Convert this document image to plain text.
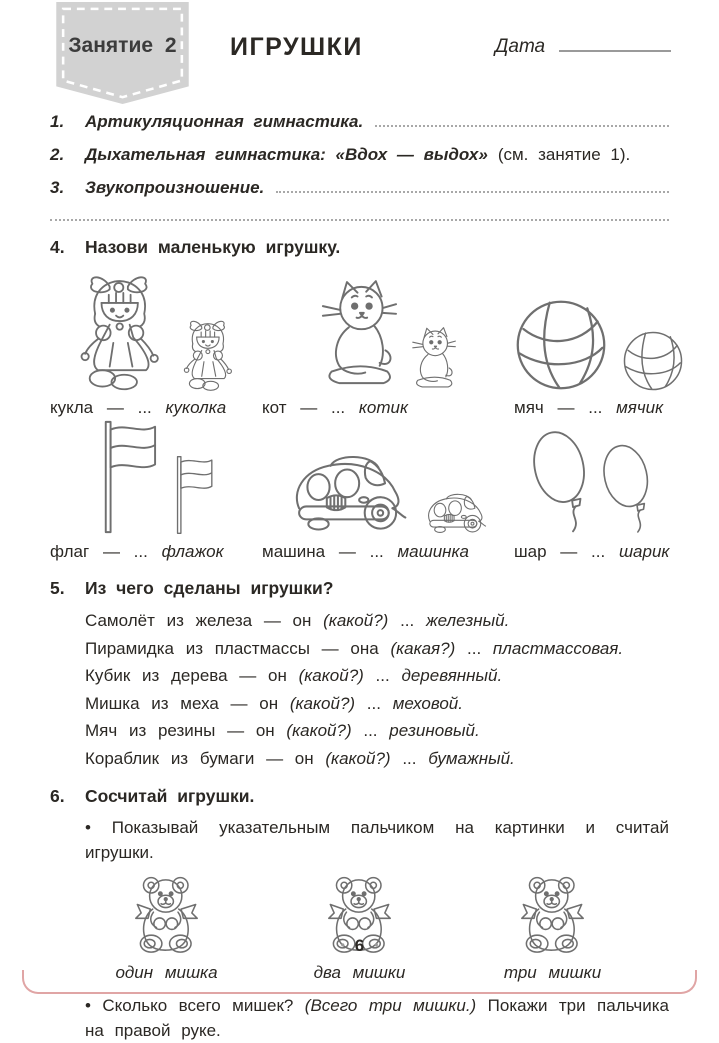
Занятие 2	ИГРУШКИ	Дата
1.	Артикуляционная гимнастика.
2.	Дыхательная гимнастика: «Вдох — выдох» (см. занятие 1).
3.	Звукопроизношение.
4.	Назови маленькую игрушку.
кукла — ... куколка	кот — ... котик	мяч — ... мячик
флаг — ... флажок	машина — ... машинка	шар — ... шарик
5.	Из чего сделаны игрушки?
Самолёт из железа — он (какой?) ... железный.
Пирамидка из пластмассы — она (какая?) ... пластмассовая.
Кубик из дерева — он (какой?) ... деревянный.
Мишка из меха — он (какой?) ... меховой.
Мяч из резины — он (какой?) ... резиновый.
Кораблик из бумаги — он (какой?) ... бумажный.
6.	Сосчитай игрушки.
• Показывай указательным пальчиком на картинки и считай игрушки.
один мишка	два мишки	три мишки
• Сколько всего мишек? (Всего три мишки.) Покажи три пальчика на правой руке.
• 6 •
